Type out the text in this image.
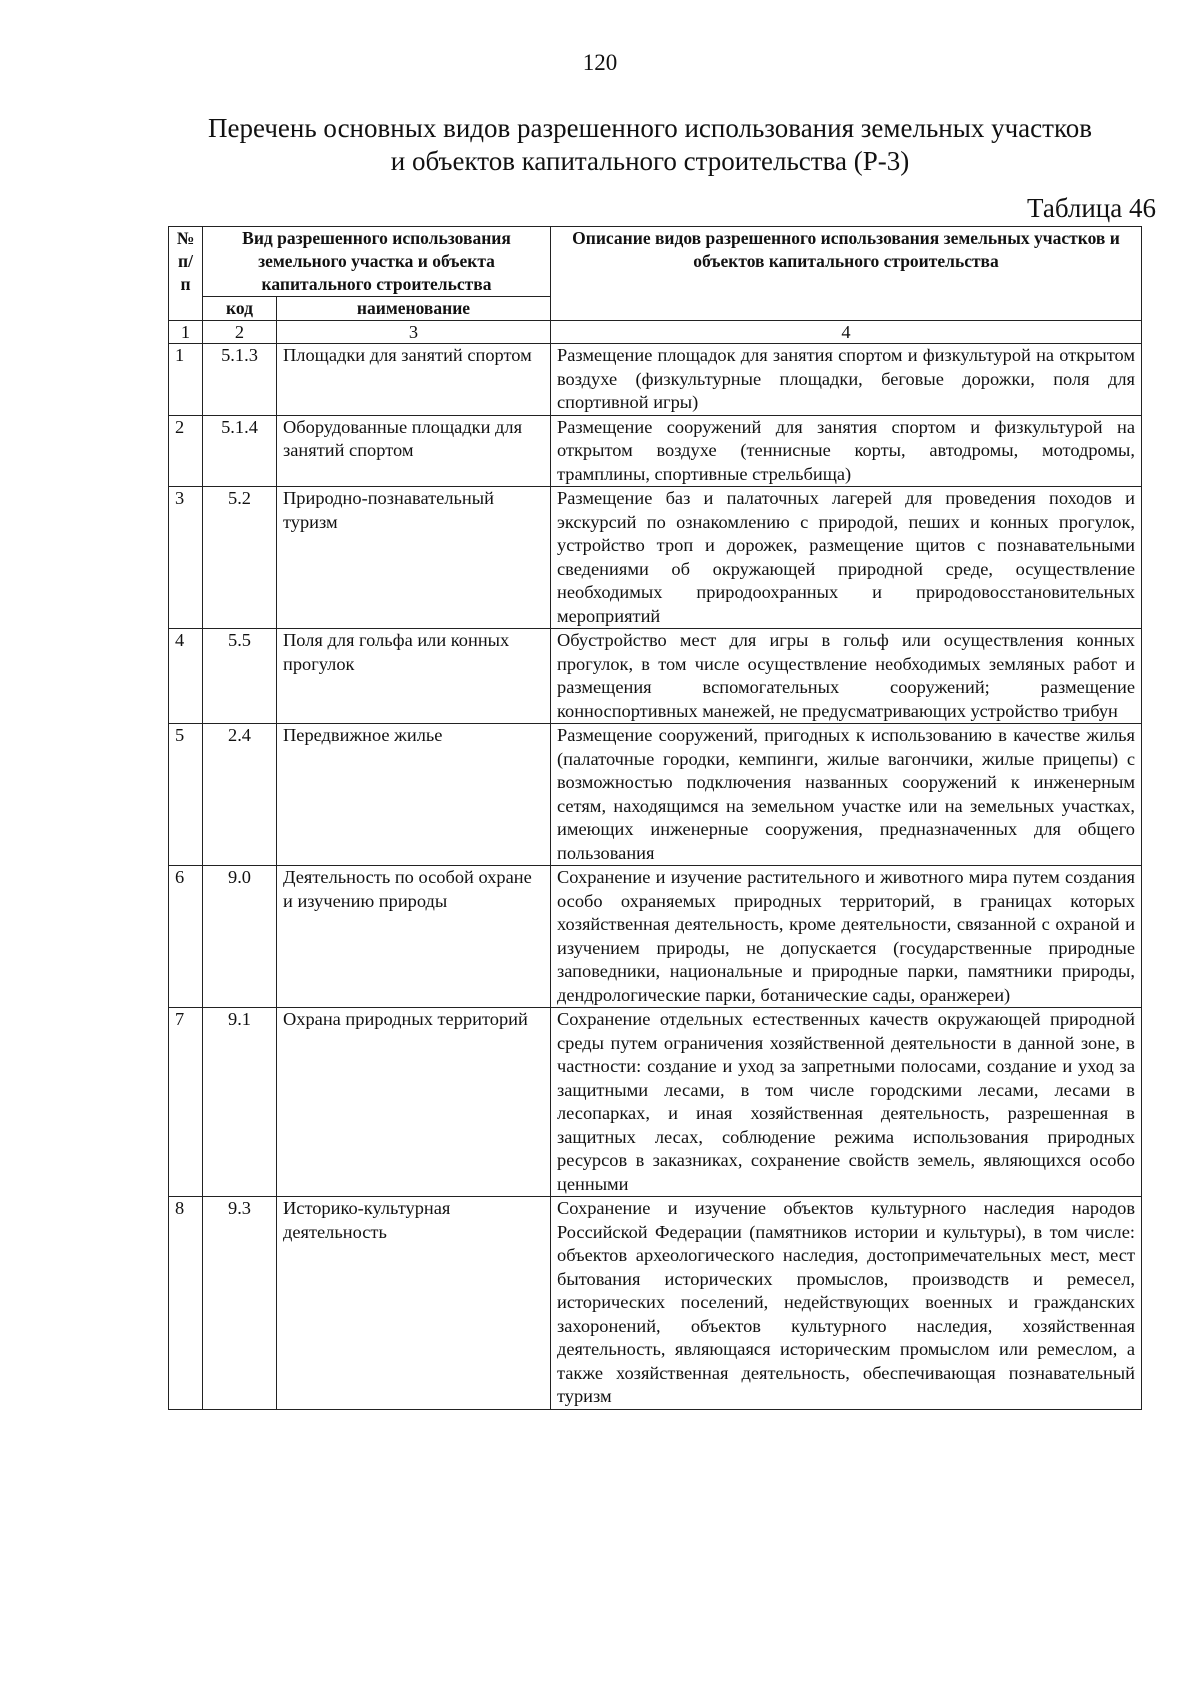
120
Перечень основных видов разрешенного использования земельных участков
и объектов капитального строительства (Р-3)
Таблица 46
№ п/п	Вид разрешенного использования земельного участка и объекта капитального строительства		Описание видов разрешенного использования земельных участков и объектов капитального строительства
	код	наименование	
1	2	3	4
1	5.1.3	Площадки для занятий спортом	Размещение площадок для занятия спортом и физкультурой на открытом воздухе (физкультурные площадки, беговые дорожки, поля для спортивной игры)
2	5.1.4	Оборудованные площадки для занятий спортом	Размещение сооружений для занятия спортом и физкультурой на открытом воздухе (теннисные корты, автодромы, мотодромы, трамплины, спортивные стрельбища)
3	5.2	Природно-познавательный туризм	Размещение баз и палаточных лагерей для проведения походов и экскурсий по ознакомлению с природой, пеших и конных прогулок, устройство троп и дорожек, размещение щитов с познавательными сведениями об окружающей природной среде, осуществление необходимых природоохранных и природовосстановительных мероприятий
4	5.5	Поля для гольфа или конных прогулок	Обустройство мест для игры в гольф или осуществления конных прогулок, в том числе осуществление необходимых земляных работ и размещения вспомогательных сооружений; размещение конноспортивных манежей, не предусматривающих устройство трибун
5	2.4	Передвижное жилье	Размещение сооружений, пригодных к использованию в качестве жилья (палаточные городки, кемпинги, жилые вагончики, жилые прицепы) с возможностью подключения названных сооружений к инженерным сетям, находящимся на земельном участке или на земельных участках, имеющих инженерные сооружения, предназначенных для общего пользования
6	9.0	Деятельность по особой охране и изучению природы	Сохранение и изучение растительного и животного мира путем создания особо охраняемых природных территорий, в границах которых хозяйственная деятельность, кроме деятельности, связанной с охраной и изучением природы, не допускается (государственные природные заповедники, национальные и природные парки, памятники природы, дендрологические парки, ботанические сады, оранжереи)
7	9.1	Охрана природных территорий	Сохранение отдельных естественных качеств окружающей природной среды путем ограничения хозяйственной деятельности в данной зоне, в частности: создание и уход за запретными полосами, создание и уход за защитными лесами, в том числе городскими лесами, лесами в лесопарках, и иная хозяйственная деятельность, разрешенная в защитных лесах, соблюдение режима использования природных ресурсов в заказниках, сохранение свойств земель, являющихся особо ценными
8	9.3	Историко-культурная деятельность	Сохранение и изучение объектов культурного наследия народов Российской Федерации (памятников истории и культуры), в том числе: объектов археологического наследия, достопримечательных мест, мест бытования исторических промыслов, производств и ремесел, исторических поселений, недействующих военных и гражданских захоронений, объектов культурного наследия, хозяйственная деятельность, являющаяся историческим промыслом или ремеслом, а также хозяйственная деятельность, обеспечивающая познавательный туризм
